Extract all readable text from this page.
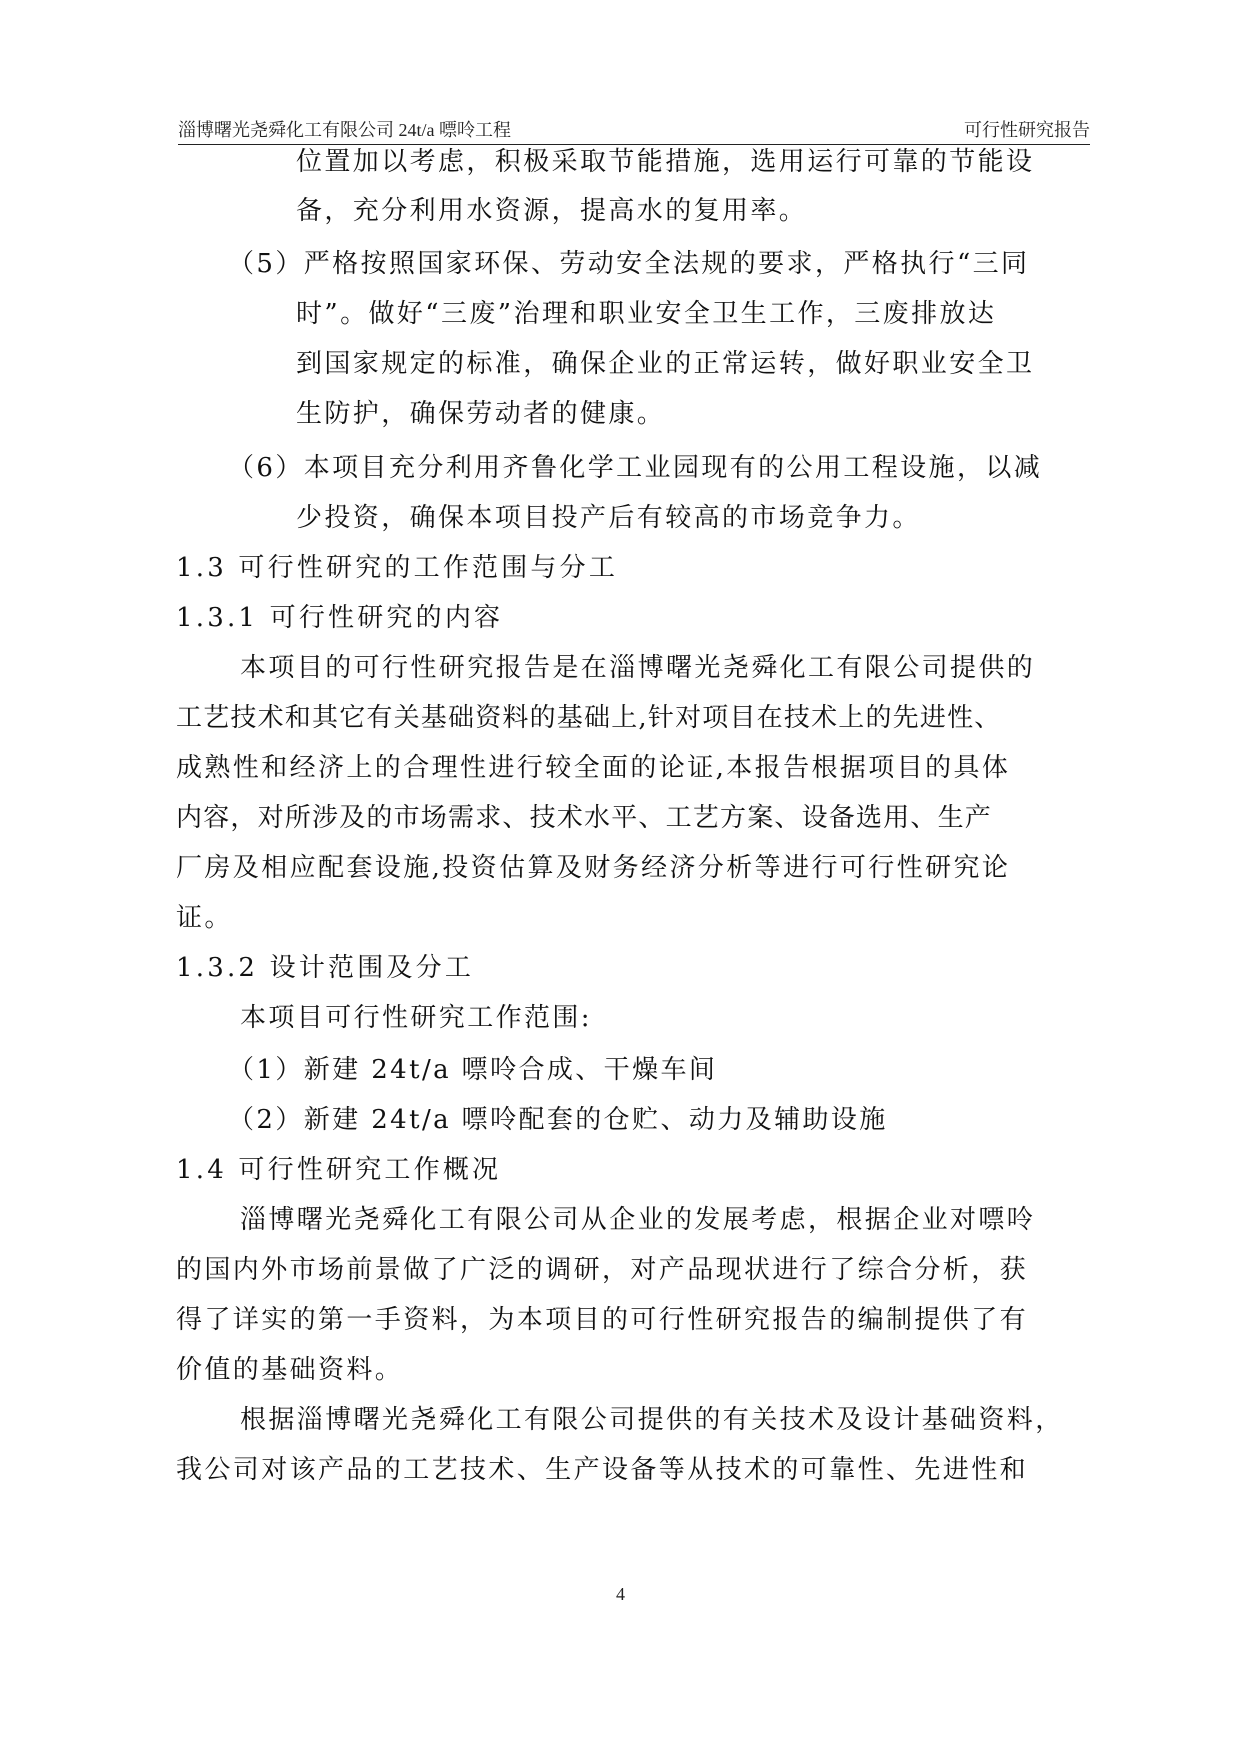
淄博曙光尧舜化工有限公司 24t/a 嘌呤工程	可行性研究报告
位置加以考虑，积极采取节能措施，选用运行可靠的节能设
备，充分利用水资源，提高水的复用率。
（5）严格按照国家环保、劳动安全法规的要求，严格执行“三同
时”。做好“三废”治理和职业安全卫生工作，三废排放达
到国家规定的标准，确保企业的正常运转，做好职业安全卫
生防护，确保劳动者的健康。
（6）本项目充分利用齐鲁化学工业园现有的公用工程设施，以减
少投资，确保本项目投产后有较高的市场竞争力。
1.3 可行性研究的工作范围与分工
1.3.1 可行性研究的内容
本项目的可行性研究报告是在淄博曙光尧舜化工有限公司提供的
工艺技术和其它有关基础资料的基础上,针对项目在技术上的先进性、
成熟性和经济上的合理性进行较全面的论证,本报告根据项目的具体
内容，对所涉及的市场需求、技术水平、工艺方案、设备选用、生产
厂房及相应配套设施,投资估算及财务经济分析等进行可行性研究论
证。
1.3.2 设计范围及分工
本项目可行性研究工作范围:
（1）新建 24t/a 嘌呤合成、干燥车间
（2）新建 24t/a 嘌呤配套的仓贮、动力及辅助设施
1.4 可行性研究工作概况
淄博曙光尧舜化工有限公司从企业的发展考虑，根据企业对嘌呤
的国内外市场前景做了广泛的调研，对产品现状进行了综合分析，获
得了详实的第一手资料，为本项目的可行性研究报告的编制提供了有
价值的基础资料。
根据淄博曙光尧舜化工有限公司提供的有关技术及设计基础资料，
我公司对该产品的工艺技术、生产设备等从技术的可靠性、先进性和
4
